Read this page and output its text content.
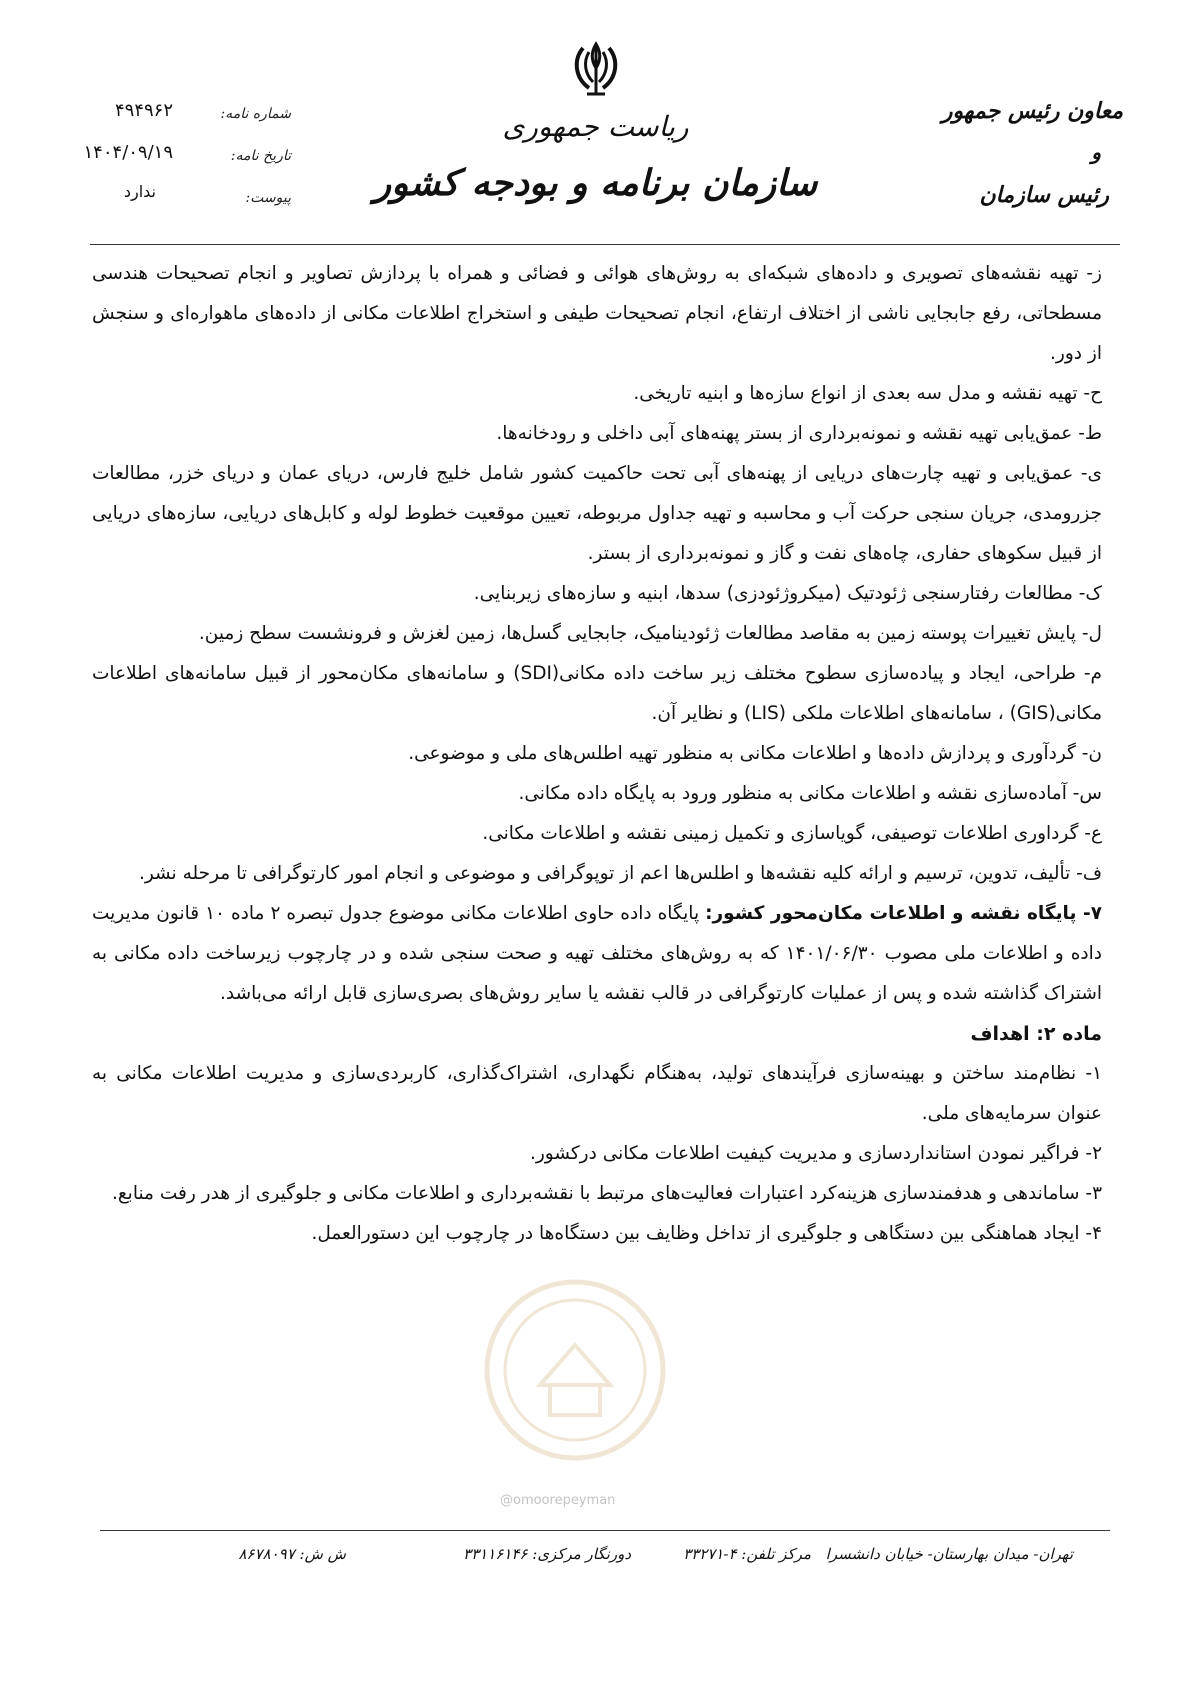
ریاست جمهوری
سازمان برنامه و بودجه کشور
معاون رئیس جمهور
و
رئیس سازمان
شماره نامه:
۴۹۴۹۶۲
تاریخ نامه:
۱۴۰۴/۰۹/۱۹
پیوست:
ندارد
@omoorepeyman

ز- تهیه نقشه‌های تصویری و داده‌های شبکه‌ای به روش‌های هوائی و فضائی و همراه با پردازش تصاویر و انجام تصحیحات هندسی مسطحاتی، رفع جابجایی ناشی از اختلاف ارتفاع، انجام تصحیحات طیفی و استخراج اطلاعات مکانی از داده‌های ماهواره‌ای و سنجش از دور.

ح- تهیه نقشه و مدل سه بعدی از انواع سازه‌ها و ابنیه تاریخی.

ط- عمق‌یابی تهیه نقشه و نمونه‌برداری از بستر پهنه‌های آبی داخلی و رودخانه‌ها.

ی- عمق‌یابی و تهیه چارت‌های دریایی از پهنه‌های آبی تحت حاکمیت کشور شامل خلیج فارس، دریای عمان و دریای خزر، مطالعات جزرومدی، جریان سنجی حرکت آب و محاسبه و تهیه جداول مربوطه، تعیین موقعیت خطوط لوله و کابل‌های دریایی، سازه‌های دریایی از قبیل سکوهای حفاری، چاه‌های نفت و گاز و نمونه‌برداری از بستر.

ک- مطالعات رفتارسنجی ژئودتیک (میکروژئودزی) سدها، ابنیه و سازه‌های زیربنایی.

ل- پایش تغییرات پوسته زمین به مقاصد مطالعات ژئودینامیک، جابجایی گسل‌ها، زمین لغزش و فرونشست سطح زمین.

م- طراحی، ایجاد و پیاده‌سازی سطوح مختلف زیر ساخت داده مکانی(SDI) و سامانه‌های مکان‌محور از قبیل سامانه‌های اطلاعات مکانی(GIS) ، سامانه‌های اطلاعات ملکی (LIS) و نظایر آن.

ن- گردآوری و پردازش داده‌ها و اطلاعات مکانی به منظور تهیه اطلس‌های ملی و موضوعی.

س- آماده‌سازی نقشه و اطلاعات مکانی به منظور ورود به پایگاه داده مکانی.

ع- گرداوری اطلاعات توصیفی، گویاسازی و تکمیل زمینی نقشه و اطلاعات مکانی.

ف- تألیف، تدوین، ترسیم و ارائه کلیه نقشه‌ها و اطلس‌ها اعم از توپوگرافی و موضوعی و انجام امور کارتوگرافی تا مرحله نشر.

۷- پایگاه نقشه و اطلاعات مکان‌محور کشور: پایگاه داده حاوی اطلاعات مکانی موضوع جدول تبصره ۲ ماده ۱۰ قانون مدیریت داده و اطلاعات ملی مصوب ۱۴۰۱/۰۶/۳۰ که به روش‌های مختلف تهیه و صحت سنجی شده و در چارچوب زیرساخت داده مکانی به اشتراک گذاشته شده و پس از عملیات کارتوگرافی در قالب نقشه یا سایر روش‌های بصری‌سازی قابل ارائه می‌باشد.

ماده ۲: اهداف

۱- نظام‌مند ساختن و بهینه‌سازی فرآیندهای تولید، به‌هنگام نگهداری، اشتراک‌گذاری، کاربردی‌سازی و مدیریت اطلاعات مکانی به عنوان سرمایه‌های ملی.

۲- فراگیر نمودن استانداردسازی و مدیریت کیفیت اطلاعات مکانی درکشور.

۳- ساماندهی و هدفمندسازی هزینه‌کرد اعتبارات فعالیت‌های مرتبط با نقشه‌برداری و اطلاعات مکانی و جلوگیری از هدر رفت منابع.

۴- ایجاد هماهنگی بین دستگاهی و جلوگیری از تداخل وظایف بین دستگاه‌ها در چارچوب این دستورالعمل.

تهران- میدان بهارستان- خیابان دانشسرا
مرکز تلفن: ۴-۳۳۲۷۱
دورنگار مرکزی: ۳۳۱۱۶۱۴۶
ش ش: ۸۶۷۸۰۹۷
